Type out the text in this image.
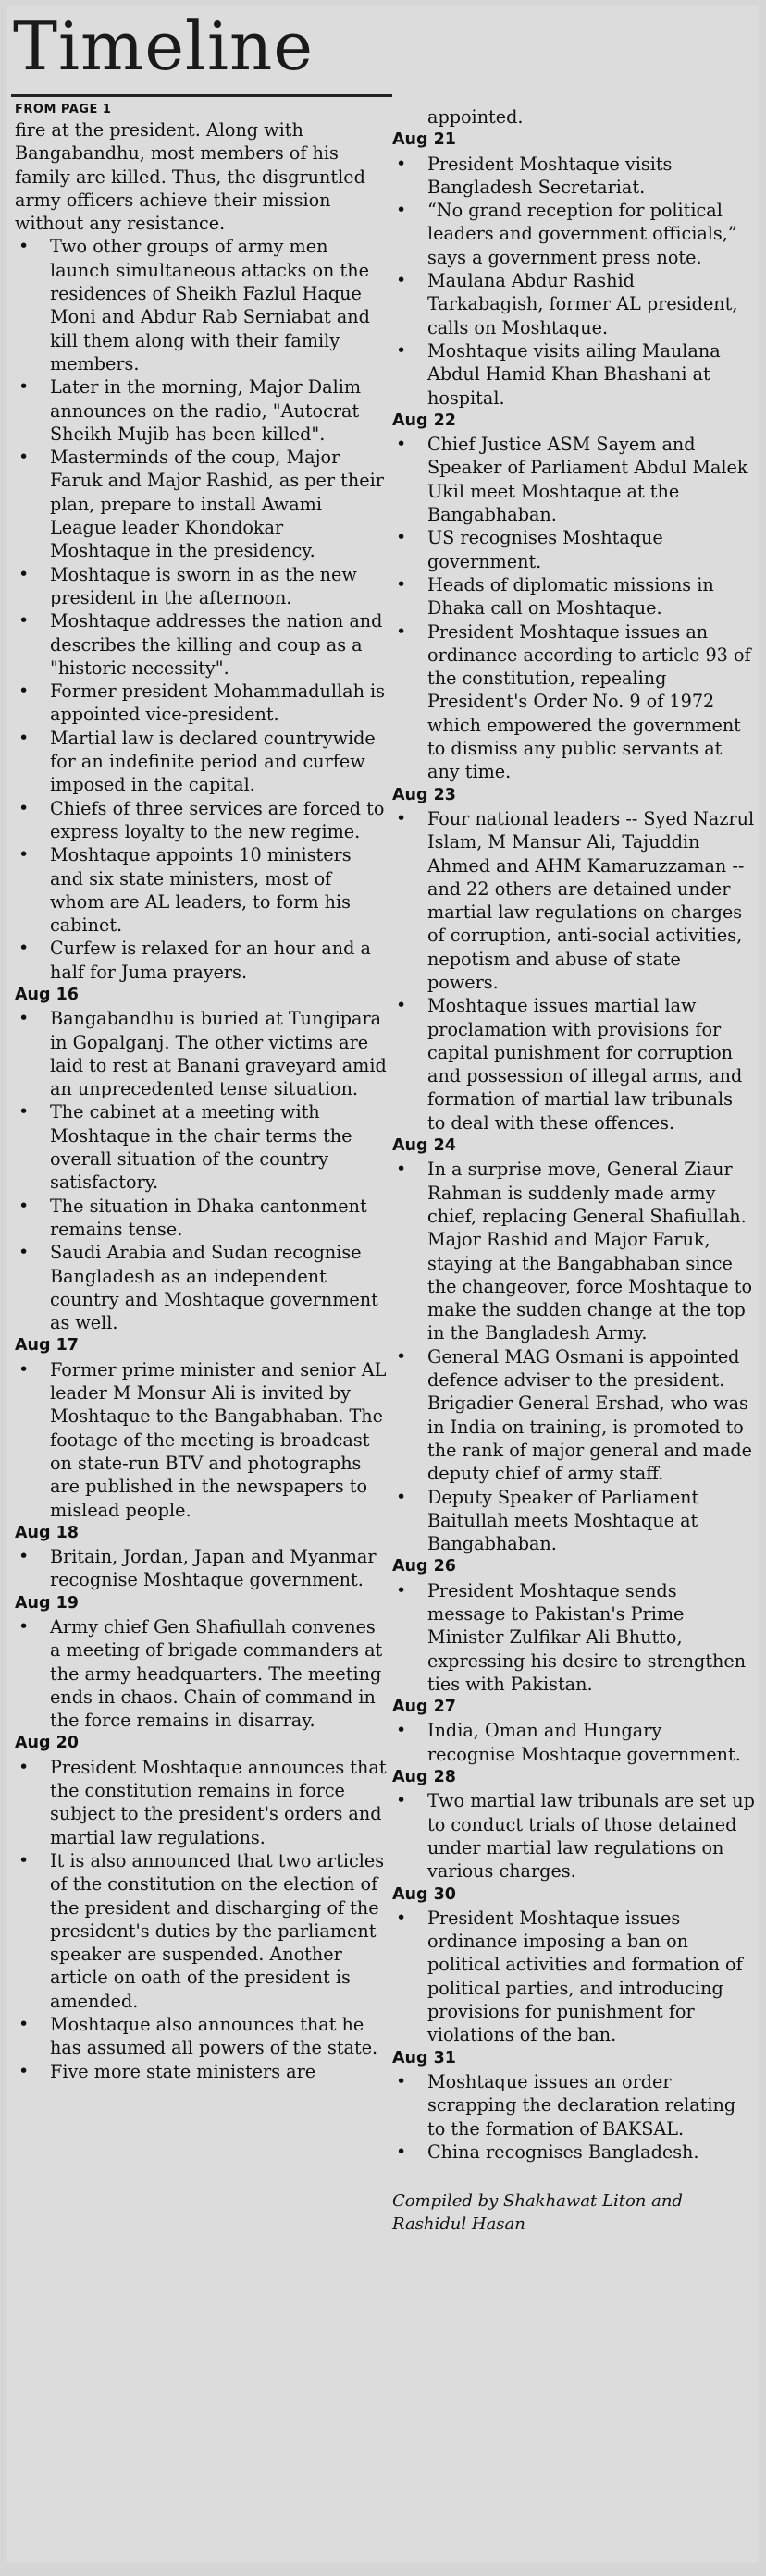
Timeline
FROM PAGE 1

fire at the president. Along with Bangabandhu, most members of his family are killed. Thus, the disgruntled army officers achieve their mission without any resistance.

• Two other groups of army men launch simultaneous attacks on the residences of Sheikh Fazlul Haque Moni and Abdur Rab Serniabat and kill them along with their family members.
• Later in the morning, Major Dalim announces on the radio, "Autocrat Sheikh Mujib has been killed".
• Masterminds of the coup, Major Faruk and Major Rashid, as per their plan, prepare to install Awami League leader Khondokar Moshtaque in the presidency.
• Moshtaque is sworn in as the new president in the afternoon.
• Moshtaque addresses the nation and describes the killing and coup as a "historic necessity".
• Former president Mohammadullah is appointed vice-president.
• Martial law is declared countrywide for an indefinite period and curfew imposed in the capital.
• Chiefs of three services are forced to express loyalty to the new regime.
• Moshtaque appoints 10 ministers and six state ministers, most of whom are AL leaders, to form his cabinet.
• Curfew is relaxed for an hour and a half for Juma prayers.
Aug 16
• Bangabandhu is buried at Tungipara in Gopalganj. The other victims are laid to rest at Banani graveyard amid an unprecedented tense situation.
• The cabinet at a meeting with Moshtaque in the chair terms the overall situation of the country satisfactory.
• The situation in Dhaka cantonment remains tense.
• Saudi Arabia and Sudan recognise Bangladesh as an independent country and Moshtaque government as well.
Aug 17
• Former prime minister and senior AL leader M Monsur Ali is invited by Moshtaque to the Bangabhaban. The footage of the meeting is broadcast on state-run BTV and photographs are published in the newspapers to mislead people.
Aug 18
• Britain, Jordan, Japan and Myanmar recognise Moshtaque government.
Aug 19
• Army chief Gen Shafiullah convenes a meeting of brigade commanders at the army headquarters. The meeting ends in chaos. Chain of command in the force remains in disarray.
Aug 20
• President Moshtaque announces that the constitution remains in force subject to the president's orders and martial law regulations.
• It is also announced that two articles of the constitution on the election of the president and discharging of the president's duties by the parliament speaker are suspended. Another article on oath of the president is amended.
• Moshtaque also announces that he has assumed all powers of the state.
• Five more state ministers are
appointed.
Aug 21
• President Moshtaque visits Bangladesh Secretariat.
• “No grand reception for political leaders and government officials,” says a government press note.
• Maulana Abdur Rashid Tarkabagish, former AL president, calls on Moshtaque.
• Moshtaque visits ailing Maulana Abdul Hamid Khan Bhashani at hospital.
Aug 22
• Chief Justice ASM Sayem and Speaker of Parliament Abdul Malek Ukil meet Moshtaque at the Bangabhaban.
• US recognises Moshtaque government.
• Heads of diplomatic missions in Dhaka call on Moshtaque.
• President Moshtaque issues an ordinance according to article 93 of the constitution, repealing President's Order No. 9 of 1972 which empowered the government to dismiss any public servants at any time.
Aug 23
• Four national leaders -- Syed Nazrul Islam, M Mansur Ali, Tajuddin Ahmed and AHM Kamaruzzaman -- and 22 others are detained under martial law regulations on charges of corruption, anti-social activities, nepotism and abuse of state powers.
• Moshtaque issues martial law proclamation with provisions for capital punishment for corruption and possession of illegal arms, and formation of martial law tribunals to deal with these offences.
Aug 24
• In a surprise move, General Ziaur Rahman is suddenly made army chief, replacing General Shafiullah. Major Rashid and Major Faruk, staying at the Bangabhaban since the changeover, force Moshtaque to make the sudden change at the top in the Bangladesh Army.
• General MAG Osmani is appointed defence adviser to the president. Brigadier General Ershad, who was in India on training, is promoted to the rank of major general and made deputy chief of army staff.
• Deputy Speaker of Parliament Baitullah meets Moshtaque at Bangabhaban.
Aug 26
• President Moshtaque sends message to Pakistan's Prime Minister Zulfikar Ali Bhutto, expressing his desire to strengthen ties with Pakistan.
Aug 27
• India, Oman and Hungary recognise Moshtaque government.
Aug 28
• Two martial law tribunals are set up to conduct trials of those detained under martial law regulations on various charges.
Aug 30
• President Moshtaque issues ordinance imposing a ban on political activities and formation of political parties, and introducing provisions for punishment for violations of the ban.
Aug 31
• Moshtaque issues an order scrapping the declaration relating to the formation of BAKSAL.
• China recognises Bangladesh.
Compiled by Shakhawat Liton and Rashidul Hasan
